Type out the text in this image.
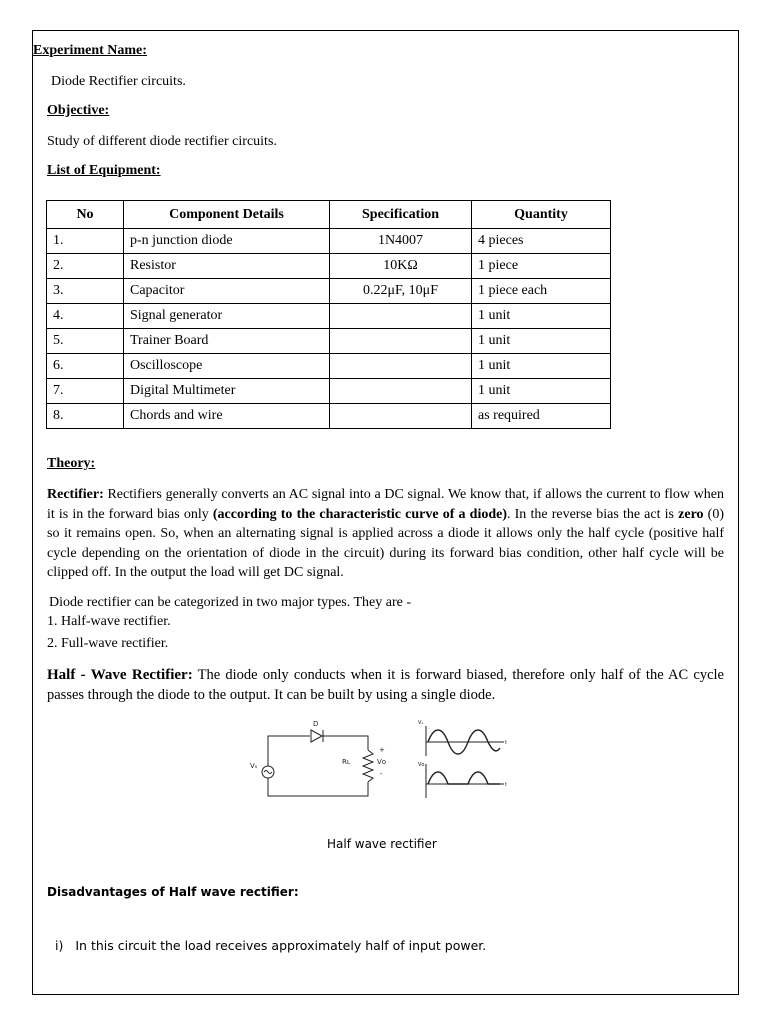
Experiment Name:
Diode Rectifier circuits.
Objective:
Study of different diode rectifier circuits.
List of Equipment:
No	Component Details	Specification	Quantity
1.	p-n junction diode	1N4007	4 pieces
2.	Resistor	10KΩ	1 piece
3.	Capacitor	0.22μF, 10μF	1 piece each
4.	Signal generator		1 unit
5.	Trainer Board		1 unit
6.	Oscilloscope		1 unit
7.	Digital Multimeter		1 unit
8.	Chords and wire		as required
Theory:
Rectifier: Rectifiers generally converts an AC signal into a DC signal. We know that, if allows the current to flow when it is in the forward bias only (according to the characteristic curve of a diode). In the reverse bias the act is zero (0) so it remains open. So, when an alternating signal is applied across a diode it allows only the half cycle (positive half cycle depending on the orientation of diode in the circuit) during its forward bias condition, other half cycle will be clipped off. In the output the load will get DC signal.
Diode rectifier can be categorized in two major types. They are -
1. Half-wave rectifier.
2. Full-wave rectifier.
Half - Wave Rectifier: The diode only conducts when it is forward biased, therefore only half of the AC cycle passes through the diode to the output. It can be built by using a single diode.
D
Vₛ	Rʟ	Vᴏ
+
-
Vₛ
Vᴏ
t
t
Half wave rectifier
Disadvantages of Half wave rectifier:
i) In this circuit the load receives approximately half of input power.
